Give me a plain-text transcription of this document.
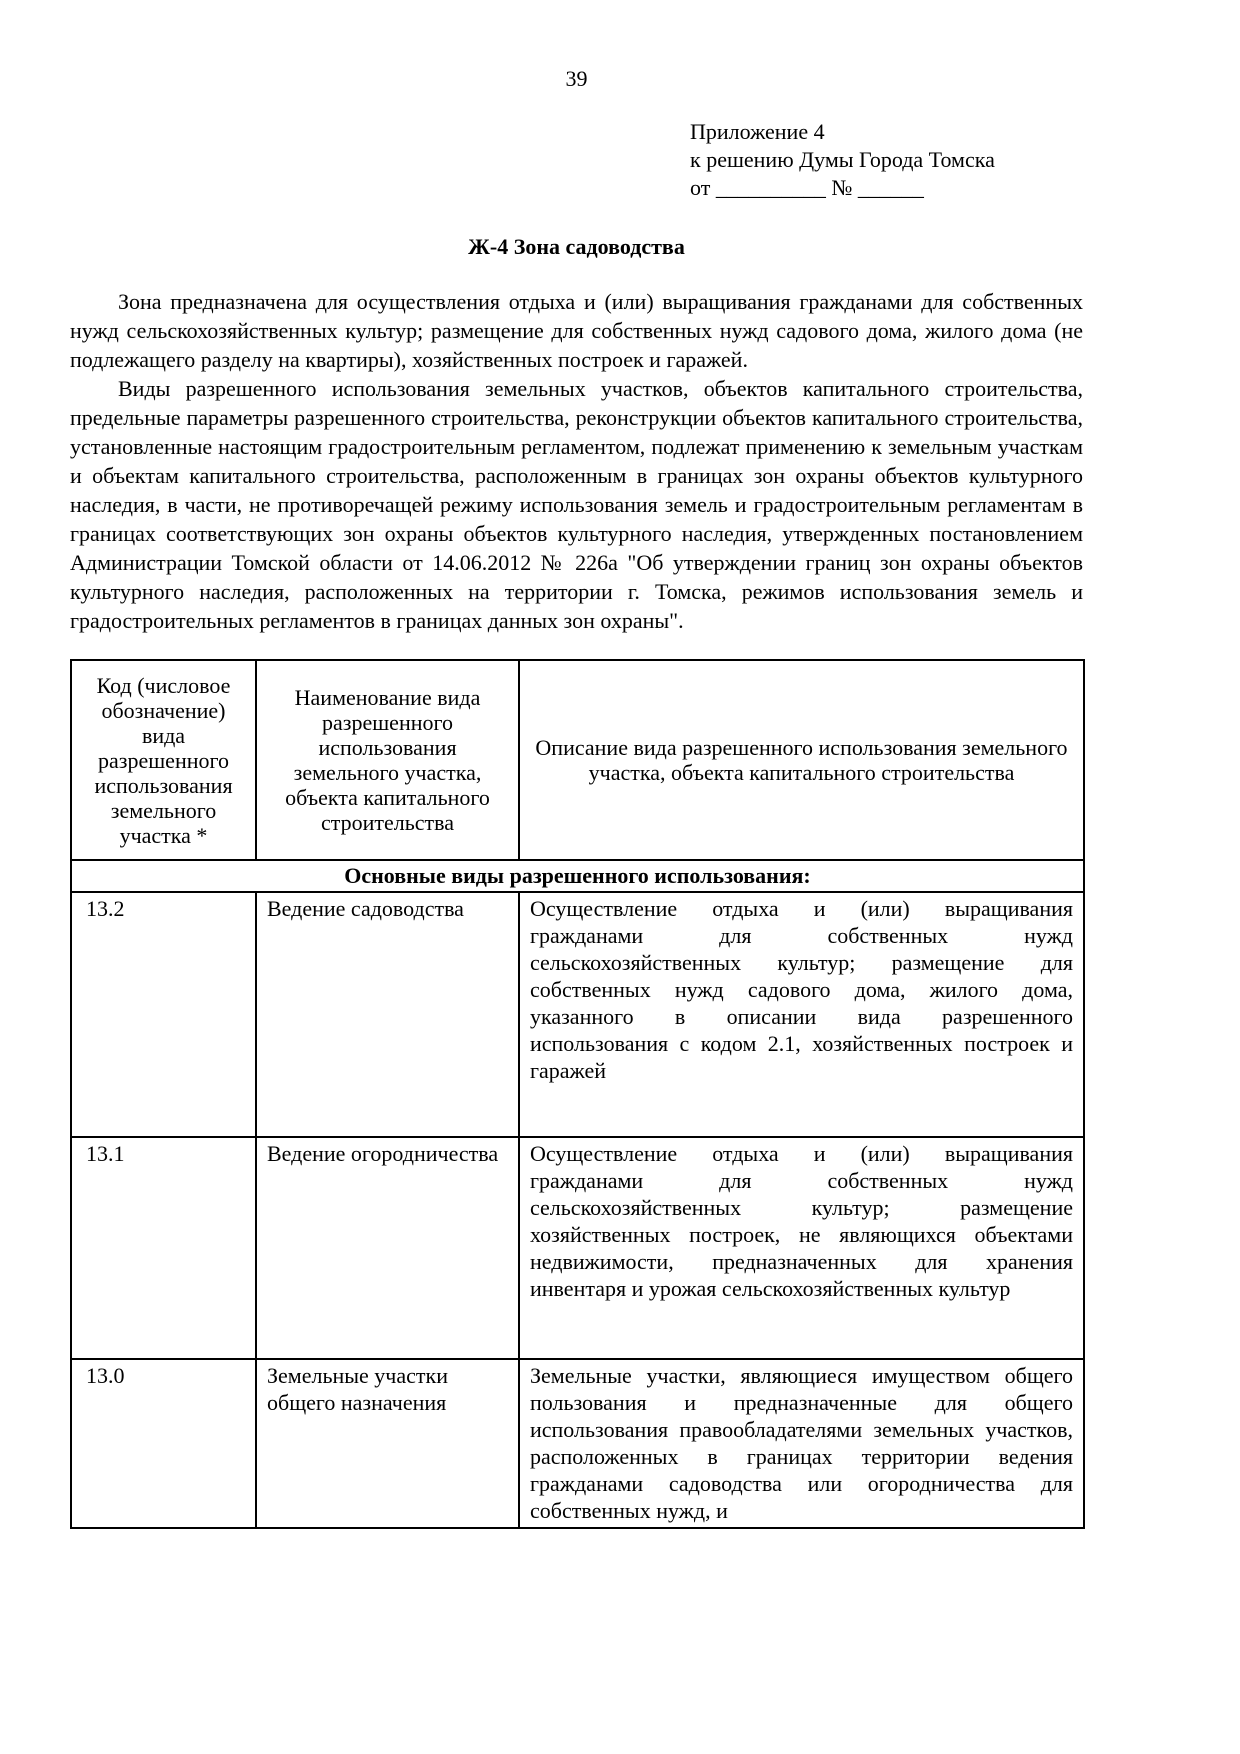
39
Приложение 4
к решению Думы Города Томска
от __________ № ______
Ж-4 Зона садоводства

Зона предназначена для осуществления отдыха и (или) выращивания гражданами для собственных нужд сельскохозяйственных культур; размещение для собственных нужд садового дома, жилого дома (не подлежащего разделу на квартиры), хозяйственных построек и гаражей.

Виды разрешенного использования земельных участков, объектов капитального строительства, предельные параметры разрешенного строительства, реконструкции объектов капитального строительства, установленные настоящим градостроительным регламентом, подлежат применению к земельным участкам и объектам капитального строительства, расположенным в границах зон охраны объектов культурного наследия, в части, не противоречащей режиму использования земель и градостроительным регламентам в границах соответствующих зон охраны объектов культурного наследия, утвержденных постановлением Администрации Томской области от 14.06.2012 № 226а "Об утверждении границ зон охраны объектов культурного наследия, расположенных на территории г. Томска, режимов использования земель и градостроительных регламентов в границах данных зон охраны".

Код (числовое обозначение) вида разрешенного использования земельного участка *	Наименование вида разрешенного использования земельного участка, объекта капитального строительства	Описание вида разрешенного использования земельного участка, объекта капитального строительства
Основные виды разрешенного использования:		
13.2	Ведение садоводства	Осуществление отдыха и (или) выращивания гражданами для собственных нужд сельскохозяйственных культур; размещение для собственных нужд садового дома, жилого дома, указанного в описании вида разрешенного использования с кодом 2.1, хозяйственных построек и гаражей
13.1	Ведение огородничества	Осуществление отдыха и (или) выращивания гражданами для собственных нужд сельскохозяйственных культур; размещение хозяйственных построек, не являющихся объектами недвижимости, предназначенных для хранения инвентаря и урожая сельскохозяйственных культур
13.0	Земельные участки общего назначения	Земельные участки, являющиеся имуществом общего пользования и предназначенные для общего использования правообладателями земельных участков, расположенных в границах территории ведения гражданами садоводства или огородничества для собственных нужд, и
